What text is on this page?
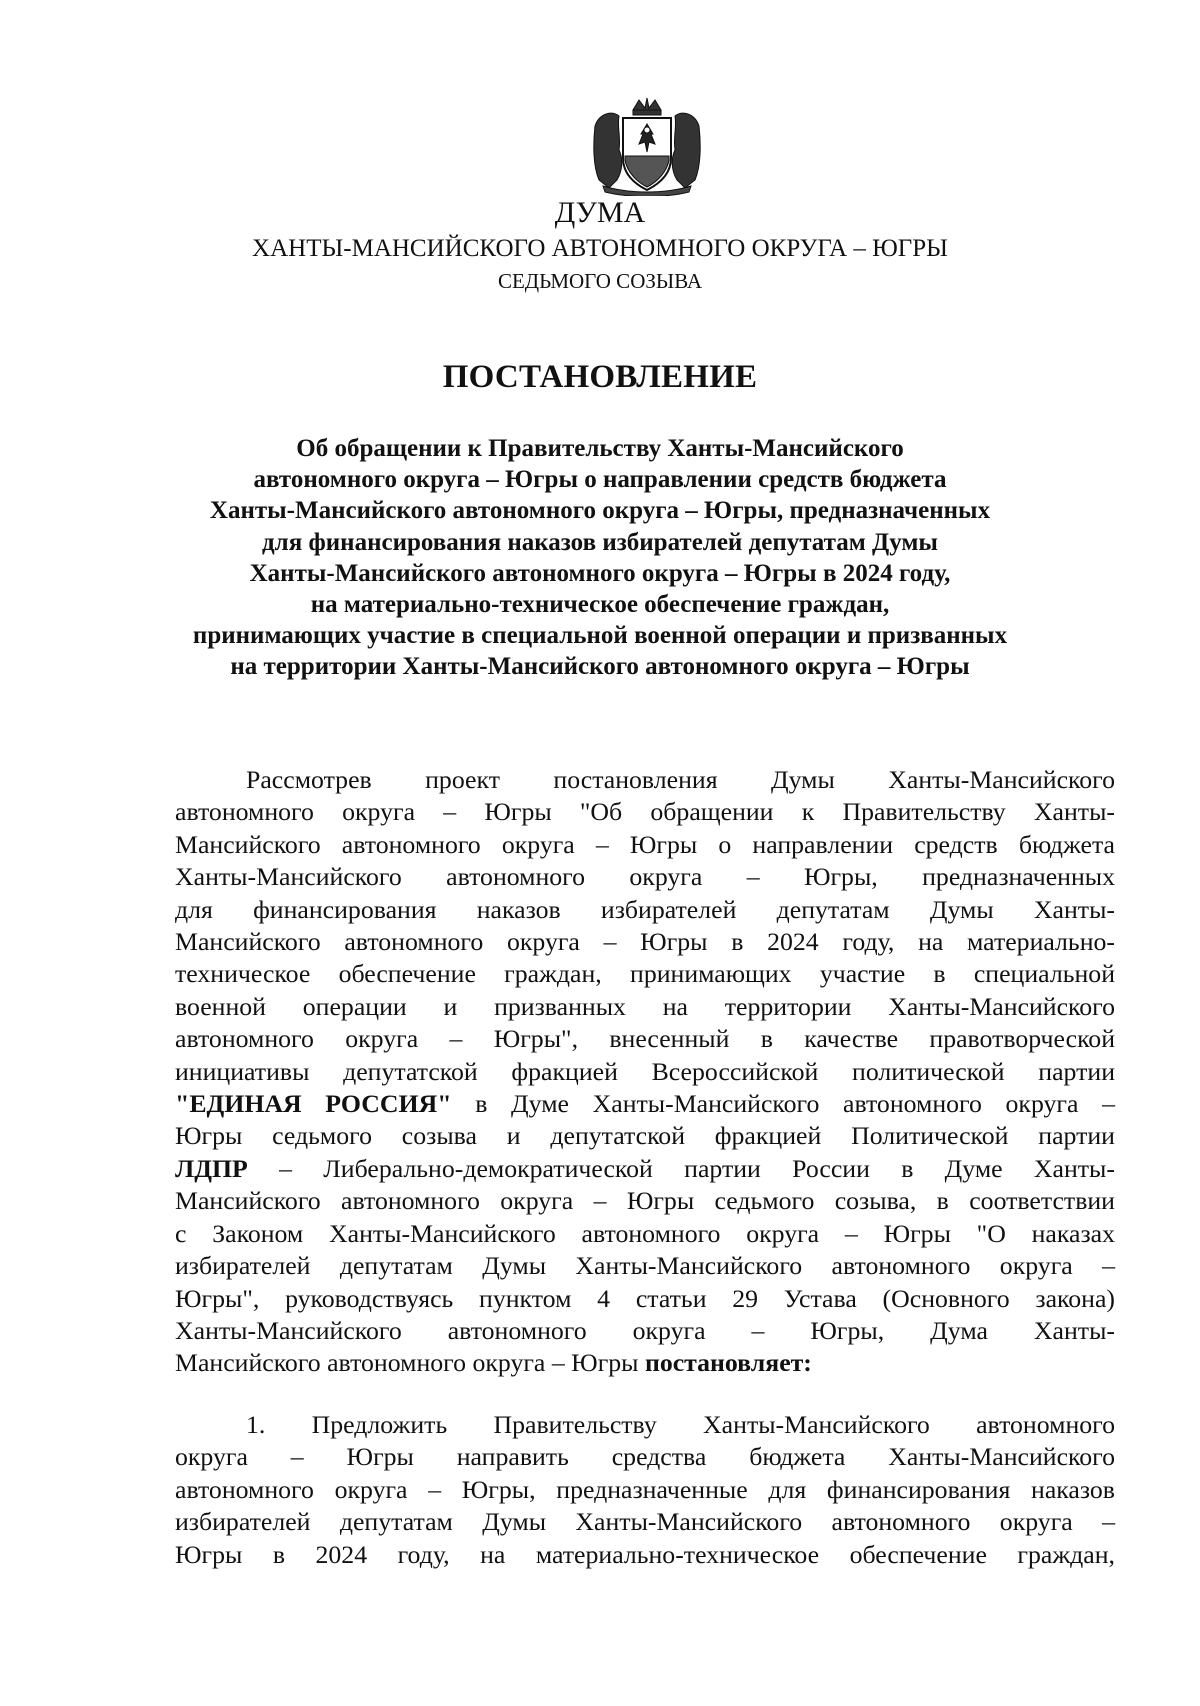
ДУМА
ХАНТЫ-МАНСИЙСКОГО АВТОНОМНОГО ОКРУГА – ЮГРЫ
СЕДЬМОГО СОЗЫВА
ПОСТАНОВЛЕНИЕ
Об обращении к Правительству Ханты-Мансийского
автономного округа – Югры о направлении средств бюджета
Ханты-Мансийского автономного округа – Югры, предназначенных
для финансирования наказов избирателей депутатам Думы
Ханты-Мансийского автономного округа – Югры в 2024 году,
на материально-техническое обеспечение граждан,
принимающих участие в специальной военной операции и призванных
на территории Ханты-Мансийского автономного округа – Югры
Рассмотрев проект постановления Думы Ханты-Мансийского
автономного округа – Югры "Об обращении к Правительству Ханты-
Мансийского автономного округа – Югры о направлении средств бюджета
Ханты-Мансийского автономного округа – Югры, предназначенных
для финансирования наказов избирателей депутатам Думы Ханты-
Мансийского автономного округа – Югры в 2024 году, на материально-
техническое обеспечение граждан, принимающих участие в специальной
военной операции и призванных на территории Ханты-Мансийского
автономного округа – Югры", внесенный в качестве правотворческой
инициативы депутатской фракцией Всероссийской политической партии
"ЕДИНАЯ РОССИЯ" в Думе Ханты-Мансийского автономного округа –
Югры седьмого созыва и депутатской фракцией Политической партии
ЛДПР – Либерально-демократической партии России в Думе Ханты-
Мансийского автономного округа – Югры седьмого созыва, в соответствии
с Законом Ханты-Мансийского автономного округа – Югры "О наказах
избирателей депутатам Думы Ханты-Мансийского автономного округа –
Югры", руководствуясь пунктом 4 статьи 29 Устава (Основного закона)
Ханты-Мансийского автономного округа – Югры, Дума Ханты-
Мансийского автономного округа – Югры постановляет:
1. Предложить Правительству Ханты-Мансийского автономного
округа – Югры направить средства бюджета Ханты-Мансийского
автономного округа – Югры, предназначенные для финансирования наказов
избирателей депутатам Думы Ханты-Мансийского автономного округа –
Югры в 2024 году, на материально-техническое обеспечение граждан,
